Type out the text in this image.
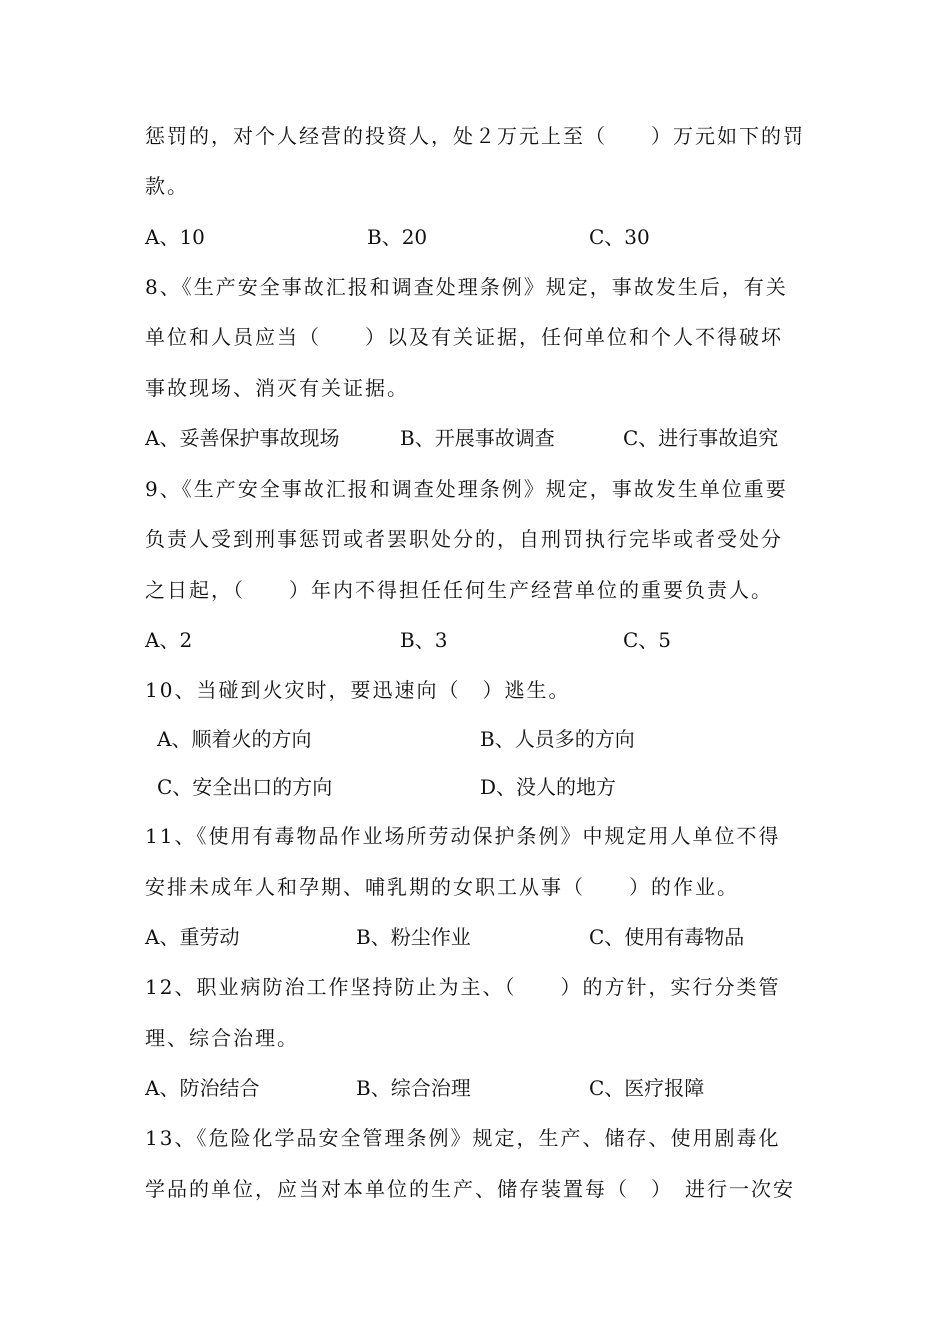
惩罚的，对个人经营的投资人，处２万元上至（　　）万元如下的罚
款。
A、10	B、20	C、30
8、《生产安全事故汇报和调查处理条例》规定，事故发生后，有关
单位和人员应当（　　）以及有关证据，任何单位和个人不得破坏
事故现场、消灭有关证据。
A、妥善保护事故现场	B、开展事故调查	C、进行事故追究
9、《生产安全事故汇报和调查处理条例》规定，事故发生单位重要
负责人受到刑事惩罚或者罢职处分的，自刑罚执行完毕或者受处分
之日起，（　　）年内不得担任任何生产经营单位的重要负责人。
A、2	B、3	C、5
10、当碰到火灾时，要迅速向（　）逃生。
A、顺着火的方向	B、人员多的方向
C、安全出口的方向	D、没人的地方
11、《使用有毒物品作业场所劳动保护条例》中规定用人单位不得
安排未成年人和孕期、哺乳期的女职工从事（　　）的作业。
A、重劳动	B、粉尘作业	C、使用有毒物品
12、职业病防治工作坚持防止为主、（　　）的方针，实行分类管
理、综合治理。
A、防治结合	B、综合治理	C、医疗报障
13、《危险化学品安全管理条例》规定，生产、储存、使用剧毒化
学品的单位，应当对本单位的生产、储存装置每（　）　进行一次安
